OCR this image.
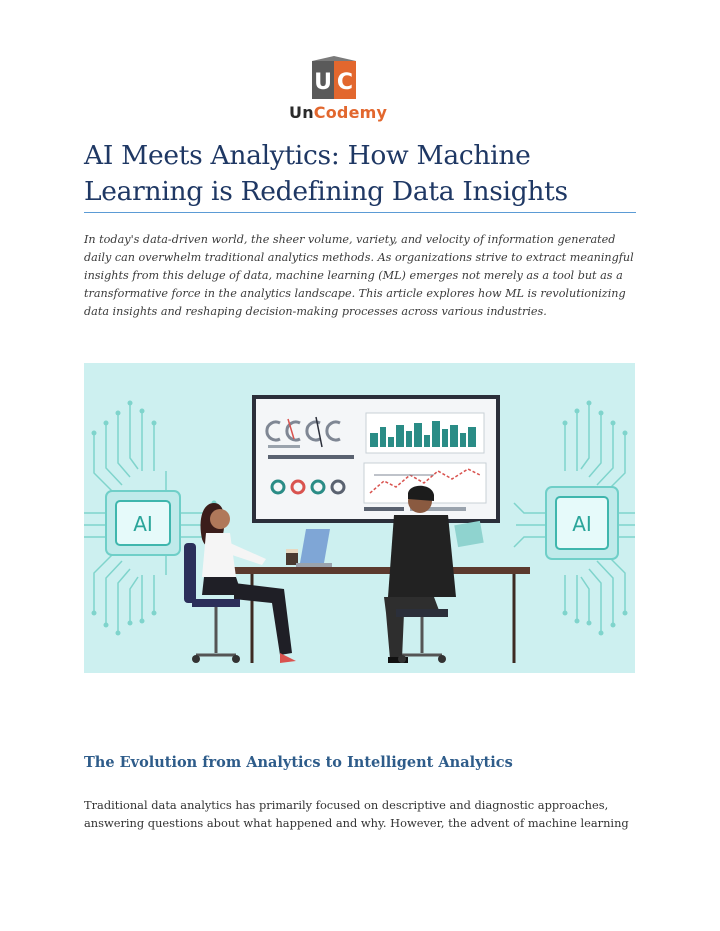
U C
UnCodemy
AI Meets Analytics: How Machine Learning is Redefining Data Insights

In today's data-driven world, the sheer volume, variety, and velocity of information generated daily can overwhelm traditional analytics methods. As organizations strive to extract meaningful insights from this deluge of data, machine learning (ML) emerges not merely as a tool but as a transformative force in the analytics landscape. This article explores how ML is revolutionizing data insights and reshaping decision-making processes across various industries.

AI	AI
The Evolution from Analytics to Intelligent Analytics

Traditional data analytics has primarily focused on descriptive and diagnostic approaches, answering questions about what happened and why. However, the advent of machine learning
